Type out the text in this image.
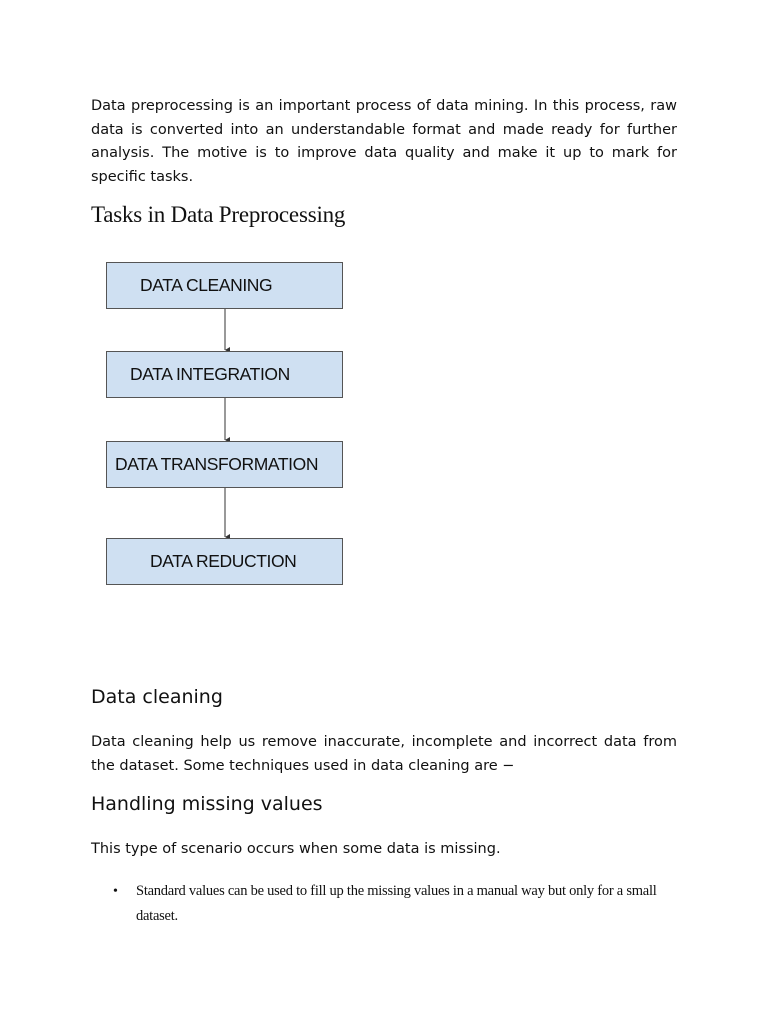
Data preprocessing is an important process of data mining. In this process, raw data is converted into an understandable format and made ready for further analysis. The motive is to improve data quality and make it up to mark for specific tasks.

Tasks in Data Preprocessing
DATA CLEANING
DATA INTEGRATION
DATA TRANSFORMATION
DATA REDUCTION
Data cleaning

Data cleaning help us remove inaccurate, incomplete and incorrect data from the dataset. Some techniques used in data cleaning are −

Handling missing values

This type of scenario occurs when some data is missing.

• Standard values can be used to fill up the missing values in a manual way but only for a small dataset.
